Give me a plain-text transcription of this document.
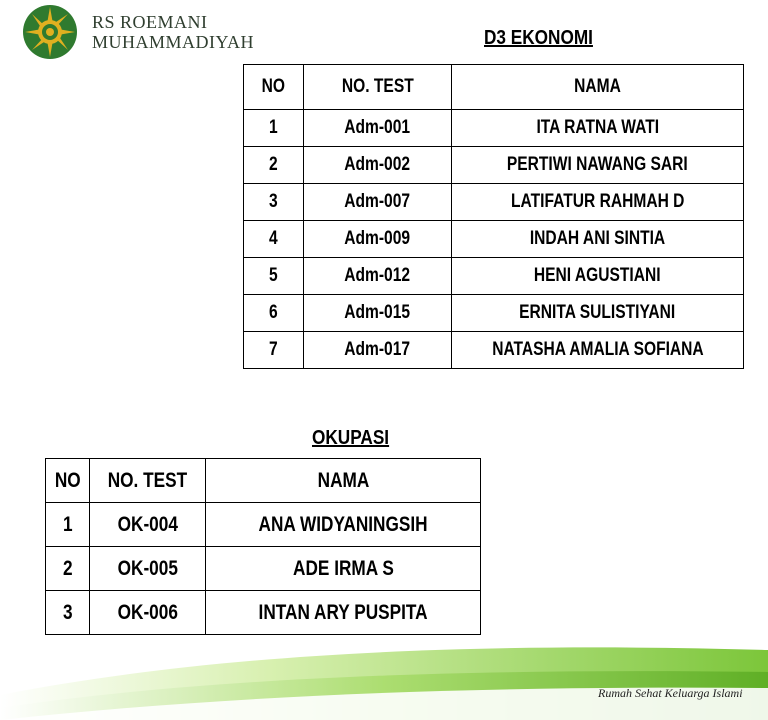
RS ROEMANI
MUHAMMADIYAH	D3 EKONOMI
NO	NO. TEST	NAMA
1	Adm-001	ITA RATNA WATI
2	Adm-002	PERTIWI NAWANG SARI
3	Adm-007	LATIFATUR RAHMAH D
4	Adm-009	INDAH ANI SINTIA
5	Adm-012	HENI AGUSTIANI
6	Adm-015	ERNITA SULISTIYANI
7	Adm-017	NATASHA AMALIA SOFIANA
OKUPASI
NO	NO. TEST	NAMA
1	OK-004	ANA WIDYANINGSIH
2	OK-005	ADE IRMA S
3	OK-006	INTAN ARY PUSPITA
Rumah Sehat Keluarga Islami
